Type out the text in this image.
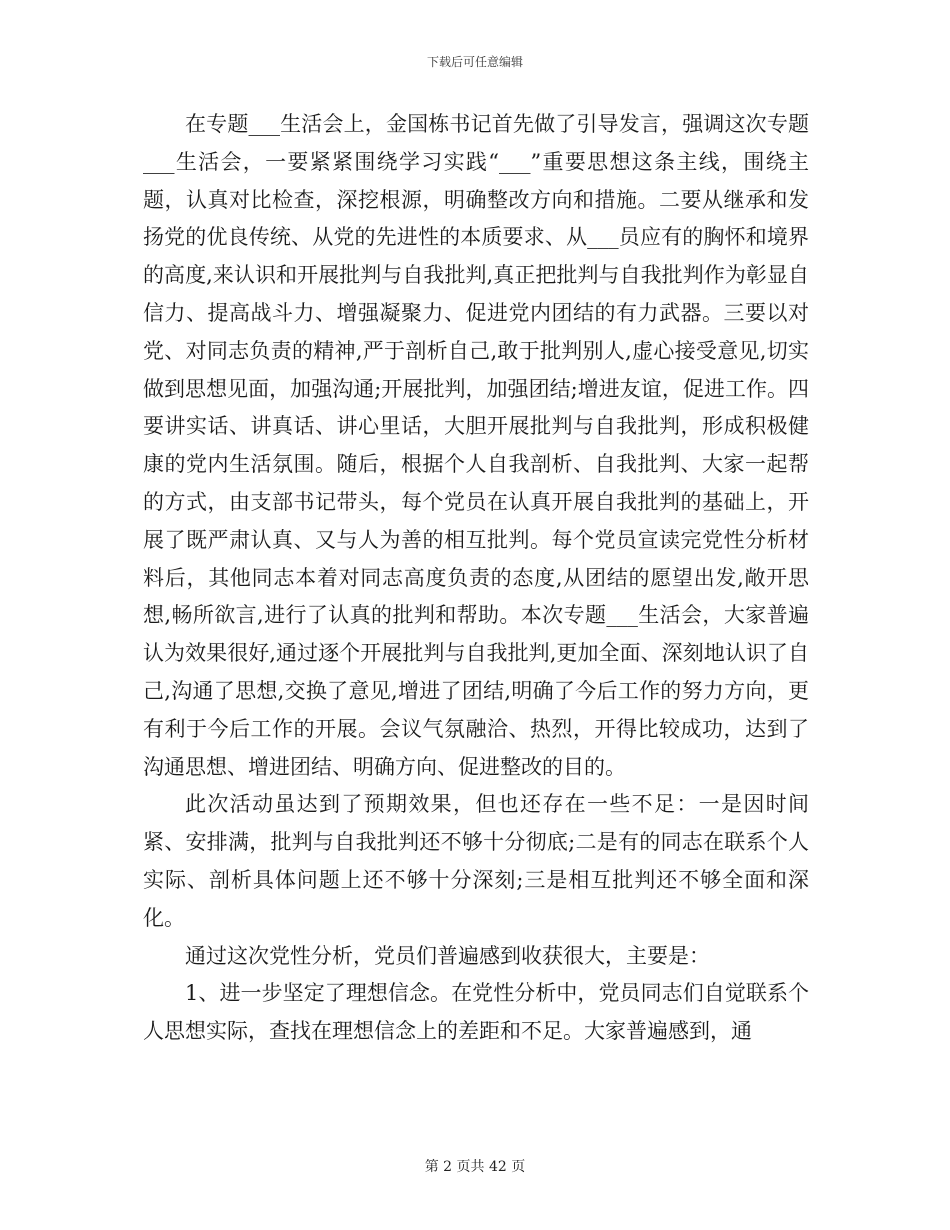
下载后可任意编辑

在专题___生活会上，金国栋书记首先做了引导发言，强调这次专题___生活会，一要紧紧围绕学习实践“___”重要思想这条主线，围绕主题，认真对比检查，深挖根源，明确整改方向和措施。二要从继承和发扬党的优良传统、从党的先进性的本质要求、从___员应有的胸怀和境界的高度,来认识和开展批判与自我批判,真正把批判与自我批判作为彰显自信力、提高战斗力、增强凝聚力、促进党内团结的有力武器。三要以对党、对同志负责的精神,严于剖析自己,敢于批判别人,虚心接受意见,切实做到思想见面，加强沟通;开展批判，加强团结;增进友谊，促进工作。四要讲实话、讲真话、讲心里话，大胆开展批判与自我批判，形成积极健康的党内生活氛围。随后，根据个人自我剖析、自我批判、大家一起帮的方式，由支部书记带头，每个党员在认真开展自我批判的基础上，开展了既严肃认真、又与人为善的相互批判。每个党员宣读完党性分析材料后，其他同志本着对同志高度负责的态度,从团结的愿望出发,敞开思想,畅所欲言,进行了认真的批判和帮助。本次专题___生活会，大家普遍认为效果很好,通过逐个开展批判与自我批判,更加全面、深刻地认识了自己,沟通了思想,交换了意见,增进了团结,明确了今后工作的努力方向，更有利于今后工作的开展。会议气氛融洽、热烈，开得比较成功，达到了沟通思想、增进团结、明确方向、促进整改的目的。

此次活动虽达到了预期效果，但也还存在一些不足：一是因时间紧、安排满，批判与自我批判还不够十分彻底;二是有的同志在联系个人实际、剖析具体问题上还不够十分深刻;三是相互批判还不够全面和深化。

通过这次党性分析，党员们普遍感到收获很大，主要是：

1、进一步坚定了理想信念。在党性分析中，党员同志们自觉联系个人思想实际，查找在理想信念上的差距和不足。大家普遍感到，通

第 2 页共 42 页
